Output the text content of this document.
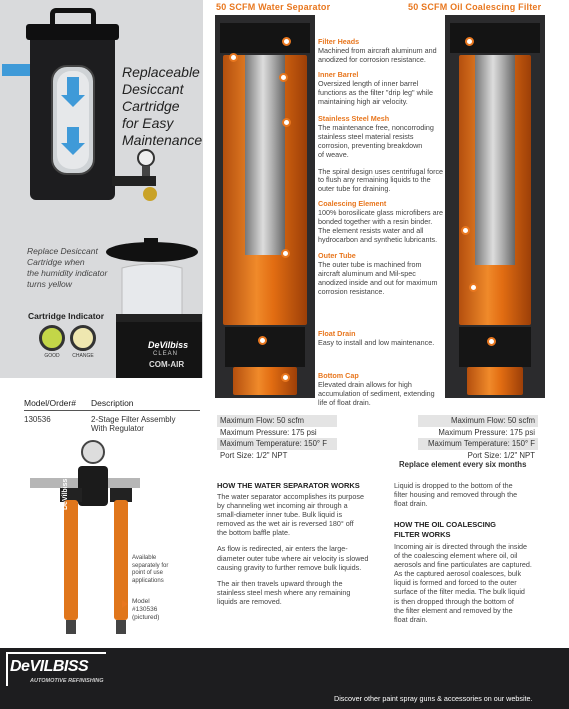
Replaceable
Desiccant
Cartridge
for Easy
Maintenance
Replace Desiccant
Cartridge when
the humidity indicator
turns yellow
Cartridge Indicator
GOOD	CHANGE
DeVilbiss
CLEAN
COM-AIR
Model/Order#	Description
130536	2-Stage Filter Assembly
With Regulator
DeVilbiss
Available
separately for
point of use
applications
Model
#130536
(pictured)
50 SCFM Water Separator	50 SCFM Oil Coalescing Filter
Filter Heads
Machined from aircraft aluminum and
anodized for corrosion resistance.
Inner Barrel
Oversized length of inner barrel
functions as the filter "drip leg" while
maintaining high air velocity.
Stainless Steel Mesh
The maintenance free, noncorroding
stainless steel material resists
corrosion, preventing breakdown
of weave.
The spiral design uses centrifugal force
to flush any remaining liquids to the
outer tube for draining.
Coalescing Element
100% borosilicate glass microfibers are
bonded together with a resin binder.
The element resists water and all
hydrocarbon and synthetic lubricants.
Outer Tube
The outer tube is machined from
aircraft aluminum and Mil-spec
anodized inside and out for maximum
corrosion resistance.
Float Drain
Easy to install and low maintenance.
Bottom Cap
Elevated drain allows for high
accumulation of sediment, extending
life of float drain.
Maximum Flow: 50 scfm
Maximum Pressure: 175 psi
Maximum Temperature: 150° F
Port Size: 1/2" NPT
Maximum Flow: 50 scfm
Maximum Pressure: 175 psi
Maximum Temperature: 150° F
Port Size: 1/2" NPT
Replace element every six months
HOW THE WATER SEPARATOR WORKS
The water separator accomplishes its purpose
by channeling wet incoming air through a
small-diameter inner tube. Bulk liquid is
removed as the wet air is reversed 180° off
the bottom baffle plate.
As flow is redirected, air enters the large-
diameter outer tube where air velocity is slowed
causing gravity to further remove bulk liquids.
The air then travels upward through the
stainless steel mesh where any remaining
liquids are removed.
Liquid is dropped to the bottom of the
filter housing and removed through the
float drain.
HOW THE OIL COALESCING
FILTER WORKS
Incoming air is directed through the inside
of the coalescing element where oil, oil
aerosols and fine particulates are captured.
As the captured aerosol coalesces, bulk
liquid is formed and forced to the outer
surface of the filter media. The bulk liquid
is then dropped through the bottom of
the filter element and removed by the
float drain.
DeVILBISS
AUTOMOTIVE REFINISHING
Discover other paint spray guns & accessories on our website.
